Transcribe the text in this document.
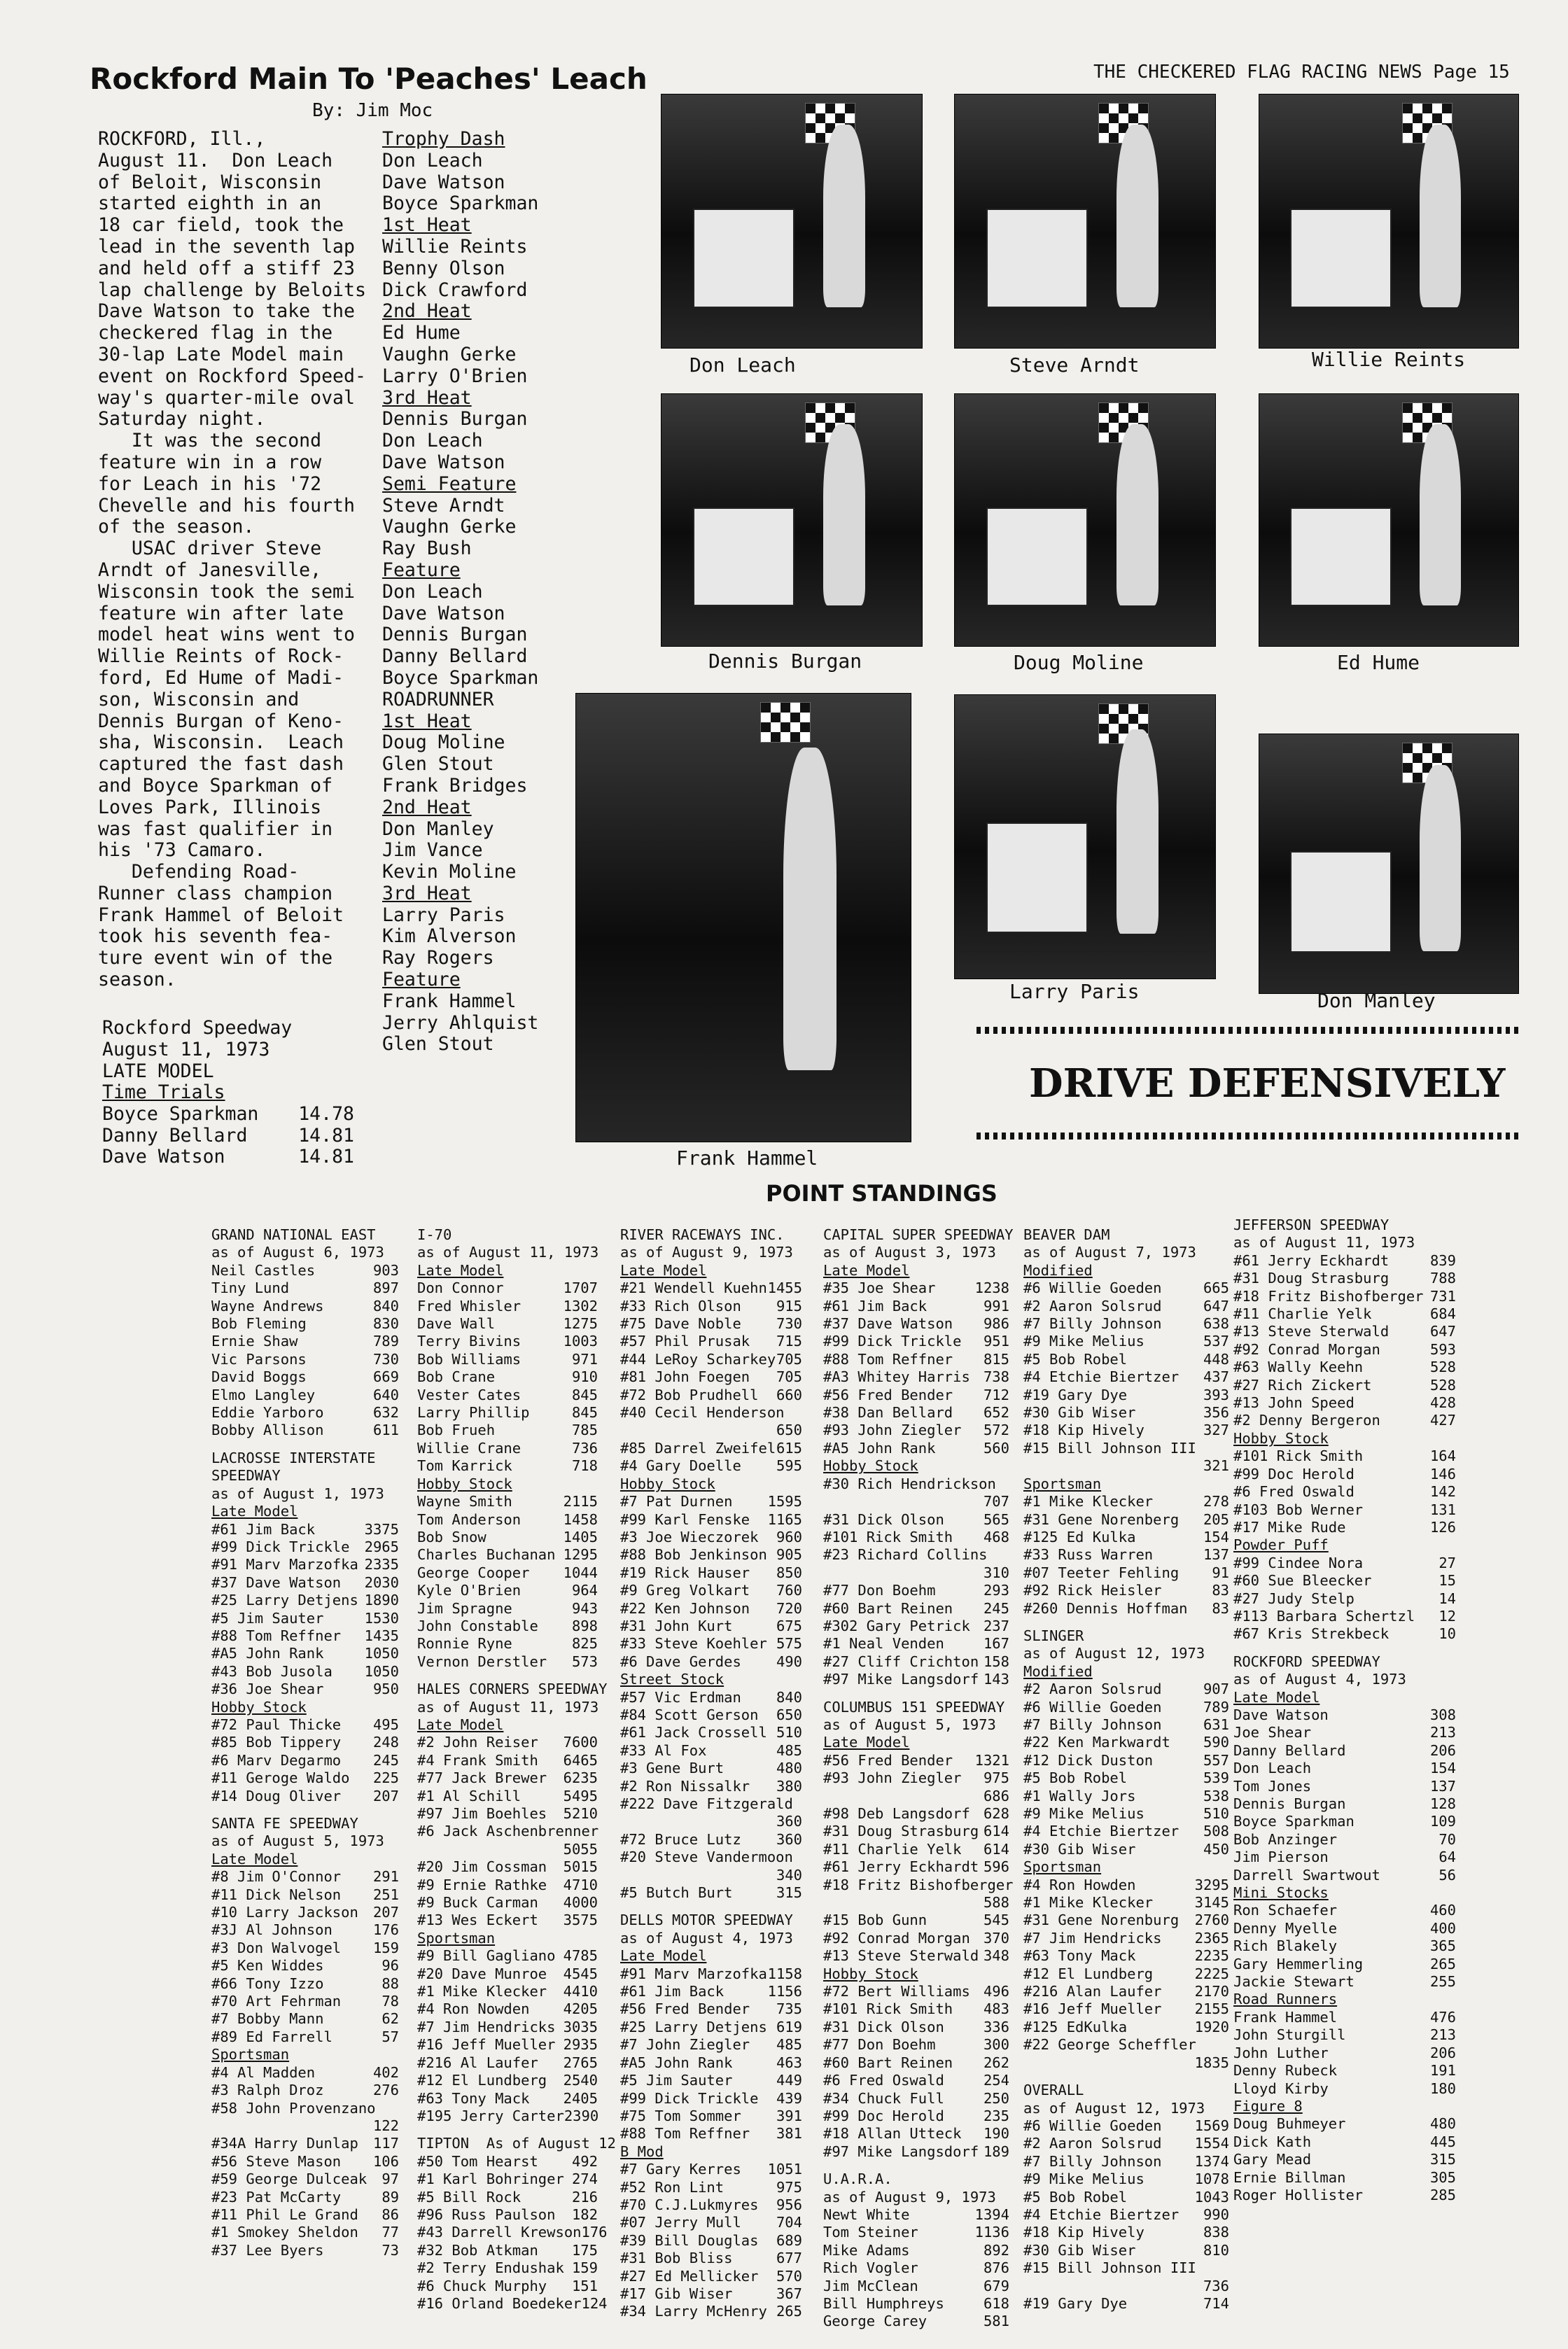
Rockford Main To 'Peaches' Leach	THE CHECKERED FLAG RACING NEWS Page 15
By: Jim Moc
ROCKFORD, Ill.,
August 11.  Don Leach
of Beloit, Wisconsin
started eighth in an
18 car field, took the
lead in the seventh lap
and held off a stiff 23
lap challenge by Beloits
Dave Watson to take the
checkered flag in the
30-lap Late Model main
event on Rockford Speed-
way's quarter-mile oval
Saturday night.
It was the second
feature win in a row
for Leach in his '72
Chevelle and his fourth
of the season.
USAC driver Steve
Arndt of Janesville,
Wisconsin took the semi
feature win after late
model heat wins went to
Willie Reints of Rock-
ford, Ed Hume of Madi-
son, Wisconsin and
Dennis Burgan of Keno-
sha, Wisconsin.  Leach
captured the fast dash
and Boyce Sparkman of
Loves Park, Illinois
was fast qualifier in
his '73 Camaro.
Defending Road-
Runner class champion
Frank Hammel of Beloit
took his seventh fea-
ture event win of the
season.
Trophy Dash
Don Leach
Dave Watson
Boyce Sparkman
1st Heat
Willie Reints
Benny Olson
Dick Crawford
2nd Heat
Ed Hume
Vaughn Gerke
Larry O'Brien
3rd Heat
Dennis Burgan
Don Leach
Dave Watson
Semi Feature
Steve Arndt
Vaughn Gerke
Ray Bush
Feature
Don Leach
Dave Watson
Dennis Burgan
Danny Bellard
Boyce Sparkman
ROADRUNNER
1st Heat
Doug Moline
Glen Stout
Frank Bridges
2nd Heat
Don Manley
Jim Vance
Kevin Moline
3rd Heat
Larry Paris
Kim Alverson
Ray Rogers
Feature
Frank Hammel
Jerry Ahlquist
Glen Stout
Rockford Speedway
August 11, 1973
LATE MODEL
Time Trials
Boyce Sparkman	14.78
Danny Bellard	14.81
Dave Watson	14.81
Don Leach	Steve Arndt	Willie Reints
Dennis Burgan	Doug Moline	Ed Hume
Larry Paris	Don Manley
Frank Hammel
DRIVE DEFENSIVELY
POINT STANDINGS
GRAND NATIONAL EAST
as of August 6, 1973
Neil Castles	903
Tiny Lund	897
Wayne Andrews	840
Bob Fleming	830
Ernie Shaw	789
Vic Parsons	730
David Boggs	669
Elmo Langley	640
Eddie Yarboro	632
Bobby Allison	611
LACROSSE INTERSTATE
SPEEDWAY
as of August 1, 1973
Late Model
#61 Jim Back	3375
#99 Dick Trickle	2965
#91 Marv Marzofka 2335
#37 Dave Watson	2030
#25 Larry Detjens 1890
#5 Jim Sauter	1530
#88 Tom Reffner	1435
#A5 John Rank	1050
#43 Bob Jusola	1050
#36 Joe Shear	950
Hobby Stock
#72 Paul Thicke	495
#85 Bob Tippery	248
#6 Marv Degarmo	245
#11 Geroge Waldo	225
#14 Doug Oliver	207
SANTA FE SPEEDWAY
as of August 5, 1973
Late Model
#8 Jim O'Connor	291
#11 Dick Nelson	251
#10 Larry Jackson	207
#3J Al Johnson	176
#3 Don Walvogel	159
#5 Ken Widdes	96
#66 Tony Izzo	88
#70 Art Fehrman	78
#7 Bobby Mann	62
#89 Ed Farrell	57
Sportsman
#4 Al Madden	402
#3 Ralph Droz	276
#58 John Provenzano
122
#34A Harry Dunlap	117
#56 Steve Mason	106
#59 George Dulceak	97
#23 Pat McCarty	89
#11 Phil Le Grand	86
#1 Smokey Sheldon	77
#37 Lee Byers	73
I-70
as of August 11, 1973
Late Model
Don Connor	1707
Fred Whisler	1302
Dave Wall	1275
Terry Bivins	1003
Bob Williams	971
Bob Crane	910
Vester Cates	845
Larry Phillip	845
Bob Frueh	785
Willie Crane	736
Tom Karrick	718
Hobby Stock
Wayne Smith	2115
Tom Anderson	1458
Bob Snow	1405
Charles Buchanan 1295
George Cooper	1044
Kyle O'Brien	964
Jim Spragne	943
John Constable	898
Ronnie Ryne	825
Vernon Derstler	573
HALES CORNERS SPEEDWAY
as of August 11, 1973
Late Model
#2 John Reiser	7600
#4 Frank Smith	6465
#77 Jack Brewer	6235
#1 Al Schill	5495
#97 Jim Boehles	5210
#6 Jack Aschenbrenner
5055
#20 Jim Cossman	5015
#9 Ernie Rathke	4710
#9 Buck Carman	4000
#13 Wes Eckert	3575
Sportsman
#9 Bill Gagliano 4785
#20 Dave Munroe	4545
#1 Mike Klecker	4410
#4 Ron Nowden	4205
#7 Jim Hendricks 3035
#16 Jeff Mueller 2935
#216 Al Laufer	2765
#12 El Lundberg	2540
#63 Tony Mack	2405
#195 Jerry Carter 2390
TIPTON  As of August 12
#50 Tom Hearst	492
#1 Karl Bohringer 274
#5 Bill Rock	216
#96 Russ Paulson	182
#43 Darrell Krewson 176
#32 Bob Atkman	175
#2 Terry Endushak 159
#6 Chuck Murphy	151
#16 Orland Boedeker 124
RIVER RACEWAYS INC.
as of August 9, 1973
Late Model
#21 Wendell Kuehn 1455
#33 Rich Olson	915
#75 Dave Noble	730
#57 Phil Prusak	715
#44 LeRoy Scharkey 705
#81 John Foegen	705
#72 Bob Prudhell	660
#40 Cecil Henderson
650
#85 Darrel Zweifel 615
#4 Gary Doelle	595
Hobby Stock
#7 Pat Durnen	1595
#99 Karl Fenske	1165
#3 Joe Wieczorek	960
#88 Bob Jenkinson 905
#19 Rick Hauser	850
#9 Greg Volkart	760
#22 Ken Johnson	720
#31 John Kurt	675
#33 Steve Koehler 575
#6 Dave Gerdes	490
Street Stock
#57 Vic Erdman	840
#84 Scott Gerson	650
#61 Jack Crossell 510
#33 Al Fox	485
#3 Gene Burt	480
#2 Ron Nissalkr	380
#222 Dave Fitzgerald
360
#72 Bruce Lutz	360
#20 Steve Vandermoon
340
#5 Butch Burt	315
DELLS MOTOR SPEEDWAY
as of August 4, 1973
Late Model
#91 Marv Marzofka 1158
#61 Jim Back	1156
#56 Fred Bender	735
#25 Larry Detjens 619
#7 John Ziegler	485
#A5 John Rank	463
#5 Jim Sauter	449
#99 Dick Trickle	439
#75 Tom Sommer	391
#88 Tom Reffner	381
B Mod
#7 Gary Kerres	1051
#52 Ron Lint	975
#70 C.J.Lukmyres	956
#07 Jerry Mull	704
#39 Bill Douglas	689
#31 Bob Bliss	677
#27 Ed Mellicker	570
#17 Gib Wiser	367
#34 Larry McHenry 265
CAPITAL SUPER SPEEDWAY
as of August 3, 1973
Late Model
#35 Joe Shear	1238
#61 Jim Back	991
#37 Dave Watson	986
#99 Dick Trickle	951
#88 Tom Reffner	815
#A3 Whitey Harris 738
#56 Fred Bender	712
#38 Dan Bellard	652
#93 John Ziegler	572
#A5 John Rank	560
Hobby Stock
#30 Rich Hendrickson
707
#31 Dick Olson	565
#101 Rick Smith	468
#23 Richard Collins
310
#77 Don Boehm	293
#60 Bart Reinen	245
#302 Gary Petrick 237
#1 Neal Venden	167
#27 Cliff Crichton 158
#97 Mike Langsdorf 143
COLUMBUS 151 SPEEDWAY
as of August 5, 1973
Late Model
#56 Fred Bender	1321
#93 John Ziegler	975
686
#98 Deb Langsdorf 628
#31 Doug Strasburg 614
#11 Charlie Yelk	614
#61 Jerry Eckhardt 596
#18 Fritz Bishofberger
588
#15 Bob Gunn	545
#92 Conrad Morgan 370
#13 Steve Sterwald 348
Hobby Stock
#72 Bert Williams 496
#101 Rick Smith	483
#31 Dick Olson	336
#77 Don Boehm	300
#60 Bart Reinen	262
#6 Fred Oswald	254
#34 Chuck Full	250
#99 Doc Herold	235
#18 Allan Utteck	190
#97 Mike Langsdorf 189
U.A.R.A.
as of August 9, 1973
Newt White	1394
Tom Steiner	1136
Mike Adams	892
Rich Vogler	876
Jim McClean	679
Bill Humphreys	618
George Carey	581
BEAVER DAM
as of August 7, 1973
Modified
#6 Willie Goeden	665
#2 Aaron Solsrud	647
#7 Billy Johnson	638
#9 Mike Melius	537
#5 Bob Robel	448
#4 Etchie Biertzer	437
#19 Gary Dye	393
#30 Gib Wiser	356
#18 Kip Hively	327
#15 Bill Johnson III
321
Sportsman
#1 Mike Klecker	278
#31 Gene Norenberg	205
#125 Ed Kulka	154
#33 Russ Warren	137
#07 Teeter Fehling	91
#92 Rick Heisler	83
#260 Dennis Hoffman	83
SLINGER
as of August 12, 1973
Modified
#2 Aaron Solsrud	907
#6 Willie Goeden	789
#7 Billy Johnson	631
#22 Ken Markwardt	590
#12 Dick Duston	557
#5 Bob Robel	539
#1 Wally Jors	538
#9 Mike Melius	510
#4 Etchie Biertzer	508
#30 Gib Wiser	450
Sportsman
#4 Ron Howden	3295
#1 Mike Klecker	3145
#31 Gene Norenburg	2760
#7 Jim Hendricks	2365
#63 Tony Mack	2235
#12 El Lundberg	2225
#216 Alan Laufer	2170
#16 Jeff Mueller	2155
#125 EdKulka	1920
#22 George Scheffler
1835
OVERALL
as of August 12, 1973
#6 Willie Goeden	1569
#2 Aaron Solsrud	1554
#7 Billy Johnson	1374
#9 Mike Melius	1078
#5 Bob Robel	1043
#4 Etchie Biertzer	990
#18 Kip Hively	838
#30 Gib Wiser	810
#15 Bill Johnson III
736
#19 Gary Dye	714
JEFFERSON SPEEDWAY
as of August 11, 1973
#61 Jerry Eckhardt	839
#31 Doug Strasburg	788
#18 Fritz Bishofberger 731
#11 Charlie Yelk	684
#13 Steve Sterwald	647
#92 Conrad Morgan	593
#63 Wally Keehn	528
#27 Rich Zickert	528
#13 John Speed	428
#2 Denny Bergeron	427
Hobby Stock
#101 Rick Smith	164
#99 Doc Herold	146
#6 Fred Oswald	142
#103 Bob Werner	131
#17 Mike Rude	126
Powder Puff
#99 Cindee Nora	27
#60 Sue Bleecker	15
#27 Judy Stelp	14
#113 Barbara Schertzl	12
#67 Kris Strekbeck	10
ROCKFORD SPEEDWAY
as of August 4, 1973
Late Model
Dave Watson	308
Joe Shear	213
Danny Bellard	206
Don Leach	154
Tom Jones	137
Dennis Burgan	128
Boyce Sparkman	109
Bob Anzinger	70
Jim Pierson	64
Darrell Swartwout	56
Mini Stocks
Ron Schaefer	460
Denny Myelle	400
Rich Blakely	365
Gary Hemmerling	265
Jackie Stewart	255
Road Runners
Frank Hammel	476
John Sturgill	213
John Luther	206
Denny Rubeck	191
Lloyd Kirby	180
Figure 8
Doug Buhmeyer	480
Dick Kath	445
Gary Mead	315
Ernie Billman	305
Roger Hollister	285
